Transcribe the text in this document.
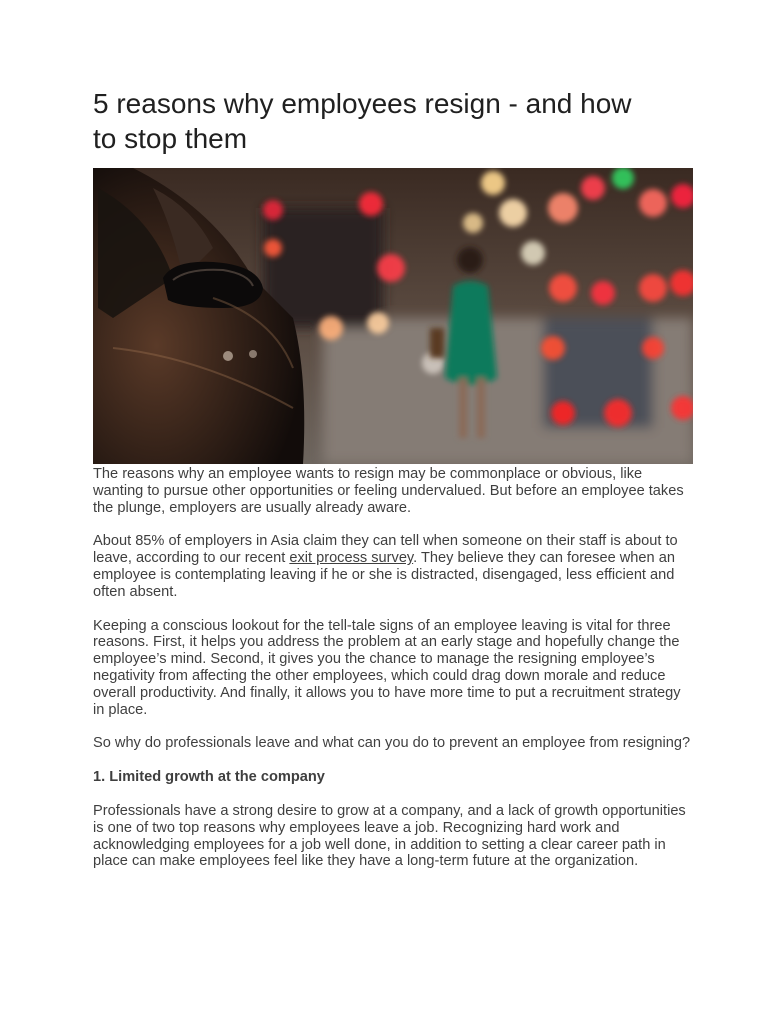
5 reasons why employees resign - and how to stop them

The reasons why an employee wants to resign may be commonplace or obvious, like wanting to pursue other opportunities or feeling undervalued. But before an employee takes the plunge, employers are usually already aware.

About 85% of employers in Asia claim they can tell when someone on their staff is about to leave, according to our recent exit process survey. They believe they can foresee when an employee is contemplating leaving if he or she is distracted, disengaged, less efficient and often absent.

Keeping a conscious lookout for the tell-tale signs of an employee leaving is vital for three reasons. First, it helps you address the problem at an early stage and hopefully change the employee’s mind. Second, it gives you the chance to manage the resigning employee’s negativity from affecting the other employees, which could drag down morale and reduce overall productivity. And finally, it allows you to have more time to put a recruitment strategy in place.

So why do professionals leave and what can you do to prevent an employee from resigning?

1. Limited growth at the company

Professionals have a strong desire to grow at a company, and a lack of growth opportunities is one of two top reasons why employees leave a job. Recognizing hard work and acknowledging employees for a job well done, in addition to setting a clear career path in place can make employees feel like they have a long-term future at the organization.
